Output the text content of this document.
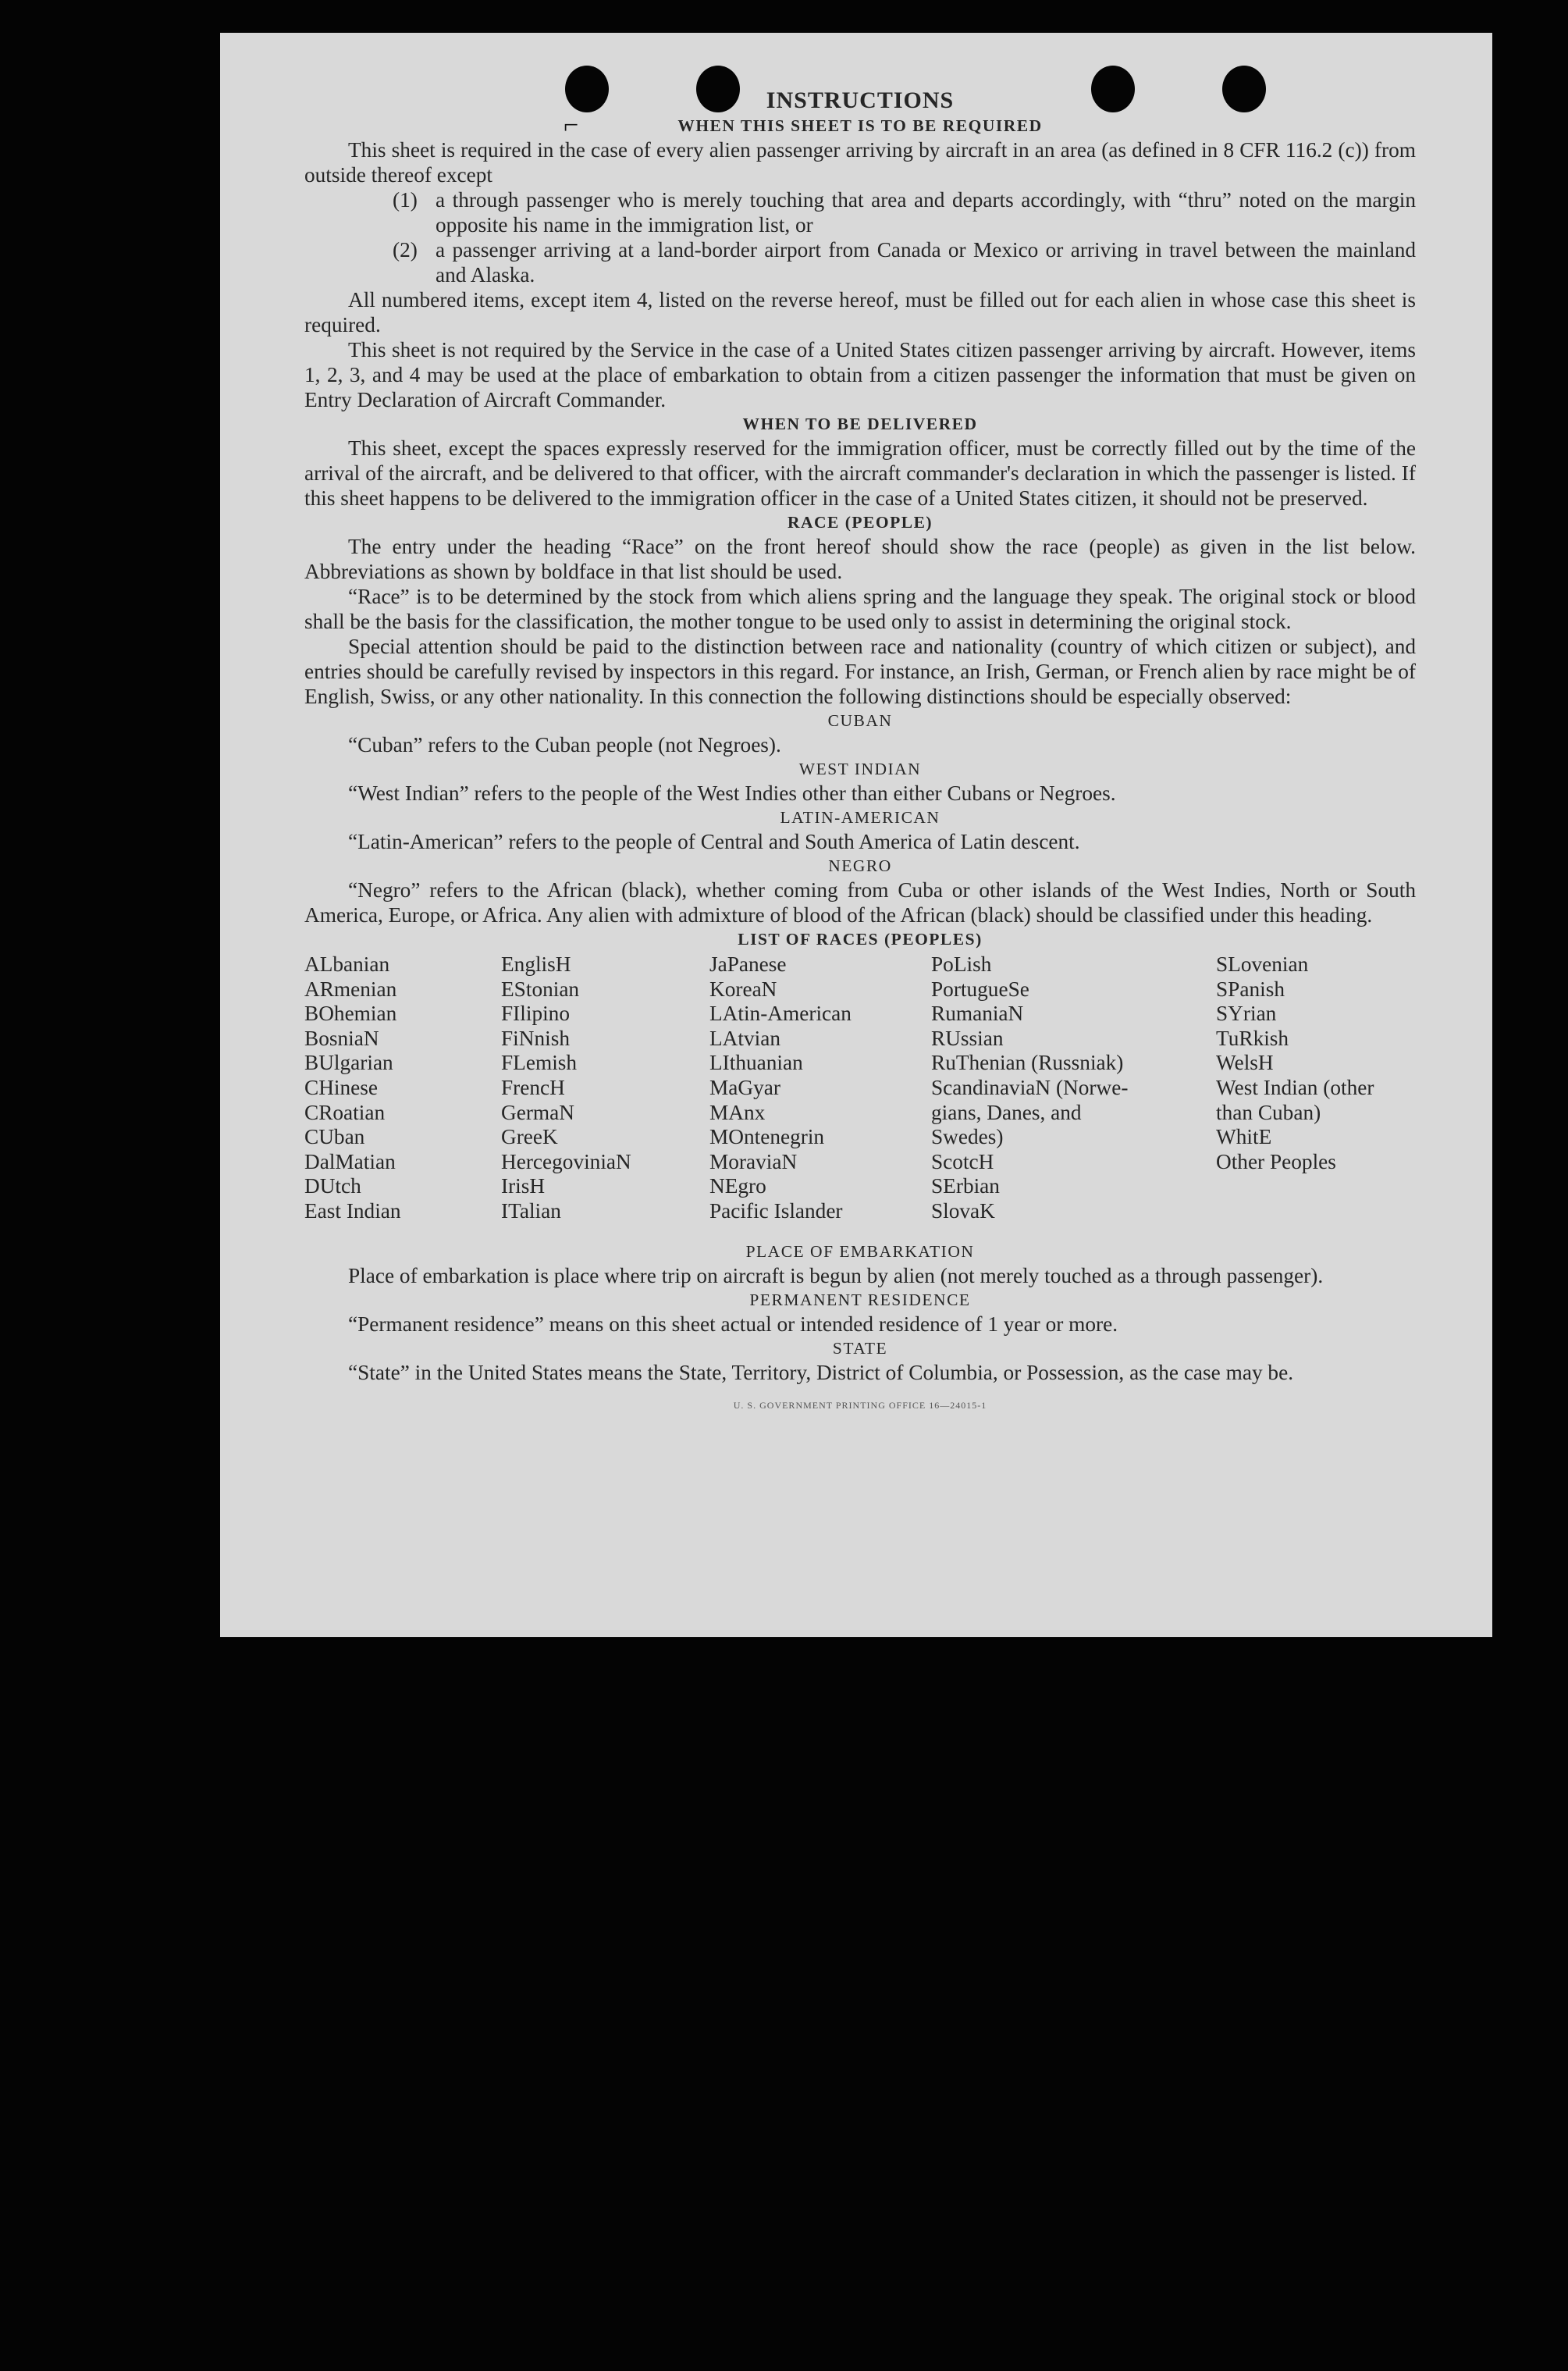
⌐
INSTRUCTIONS
WHEN THIS SHEET IS TO BE REQUIRED

This sheet is required in the case of every alien passenger arriving by aircraft in an area (as defined in 8 CFR 116.2 (c)) from outside thereof except

(1) a through passenger who is merely touching that area and departs accordingly, with “thru” noted on the margin opposite his name in the immigration list, or
(2) a passenger arriving at a land-border airport from Canada or Mexico or arriving in travel between the mainland and Alaska.

All numbered items, except item 4, listed on the reverse hereof, must be filled out for each alien in whose case this sheet is required.

This sheet is not required by the Service in the case of a United States citizen passenger arriving by aircraft. However, items 1, 2, 3, and 4 may be used at the place of embarkation to obtain from a citizen passenger the information that must be given on Entry Declaration of Aircraft Commander.

WHEN TO BE DELIVERED

This sheet, except the spaces expressly reserved for the immigration officer, must be correctly filled out by the time of the arrival of the aircraft, and be delivered to that officer, with the aircraft commander's declaration in which the passenger is listed. If this sheet happens to be delivered to the immigration officer in the case of a United States citizen, it should not be preserved.

RACE (PEOPLE)

The entry under the heading “Race” on the front hereof should show the race (people) as given in the list below. Abbreviations as shown by boldface in that list should be used.

“Race” is to be determined by the stock from which aliens spring and the language they speak. The original stock or blood shall be the basis for the classification, the mother tongue to be used only to assist in determining the original stock.

Special attention should be paid to the distinction between race and nationality (country of which citizen or subject), and entries should be carefully revised by inspectors in this regard. For instance, an Irish, German, or French alien by race might be of English, Swiss, or any other nationality. In this connection the following distinctions should be especially observed:

CUBAN

“Cuban” refers to the Cuban people (not Negroes).

WEST INDIAN

“West Indian” refers to the people of the West Indies other than either Cubans or Negroes.

LATIN-AMERICAN

“Latin-American” refers to the people of Central and South America of Latin descent.

NEGRO

“Negro” refers to the African (black), whether coming from Cuba or other islands of the West Indies, North or South America, Europe, or Africa. Any alien with admixture of blood of the African (black) should be classified under this heading.

LIST OF RACES (PEOPLES)
ALbanian
ARmenian
BOhemian
BosniaN
BUlgarian
CHinese
CRoatian
CUban
DalMatian
DUtch
East Indian
EnglisH
EStonian
FIlipino
FiNnish
FLemish
FrencH
GermaN
GreeK
HercegoviniaN
IrisH
ITalian
JaPanese
KoreaN
LAtin-American
LAtvian
LIthuanian
MaGyar
MAnx
MOntenegrin
MoraviaN
NEgro
Pacific Islander
PoLish
PortugueSe
RumaniaN
RUssian
RuThenian (Russniak)
ScandinaviaN (Norwe-
gians, Danes, and
Swedes)
ScotcH
SErbian
SlovaK
SLovenian
SPanish
SYrian
TuRkish
WelsH
West Indian (other
than Cuban)
WhitE
Other Peoples
PLACE OF EMBARKATION

Place of embarkation is place where trip on aircraft is begun by alien (not merely touched as a through passenger).

PERMANENT RESIDENCE

“Permanent residence” means on this sheet actual or intended residence of 1 year or more.

STATE

“State” in the United States means the State, Territory, District of Columbia, or Possession, as the case may be.

U. S. GOVERNMENT PRINTING OFFICE 16—24015-1
